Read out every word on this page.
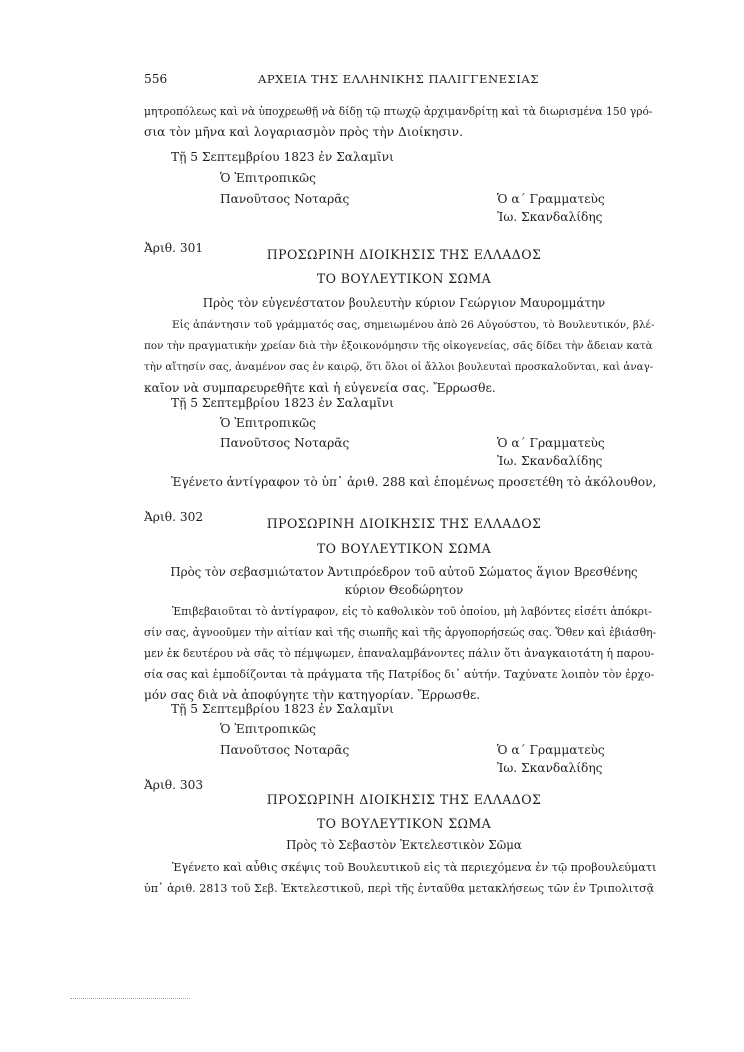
556	ΑΡΧΕΙΑ ΤΗΣ ΕΛΛΗΝΙΚΗΣ ΠΑΛΙΓΓΕΝΕΣΙΑΣ
μητροπόλεως καὶ νὰ ὑποχρεωθῇ νὰ δίδῃ τῷ πτωχῷ ἀρχιμανδρίτῃ καὶ τὰ διωρισμένα 150 γρό-
σια τὸν μῆνα καὶ λογαριασμὸν πρὸς τὴν Διοίκησιν.
Τῇ 5 Σεπτεμβρίου 1823 ἐν Σαλαμῖνι
Ὁ Ἐπιτροπικῶς
Πανοῦτσος Νοταρᾶς	Ὁ α΄ Γραμματεὺς
Ἰω. Σκανδαλίδης
Ἀριθ. 301	ΠΡΟΣΩΡΙΝΗ ΔΙΟΙΚΗΣΙΣ ΤΗΣ ΕΛΛΑΔΟΣ
ΤΟ ΒΟΥΛΕΥΤΙΚΟΝ ΣΩΜΑ
Πρὸς τὸν εὐγενέστατον βουλευτὴν κύριον Γεώργιον Μαυρομμάτην
Εἰς ἀπάντησιν τοῦ γράμματός σας, σημειωμένου ἀπὸ 26 Αὐγούστου, τὸ Βουλευτικόν, βλέ-
πον τὴν πραγματικὴν χρείαν διὰ τὴν ἐξοικονόμησιν τῆς οἰκογενείας, σᾶς δίδει τὴν ἄδειαν κατὰ
τὴν αἴτησίν σας, ἀναμένον σας ἐν καιρῷ, ὅτι ὅλοι οἱ ἄλλοι βουλευταὶ προσκαλοῦνται, καὶ ἀναγ-
καῖον νὰ συμπαρευρεθῆτε καὶ ἡ εὐγενεία σας. Ἔρρωσθε.
Τῇ 5 Σεπτεμβρίου 1823 ἐν Σαλαμῖνι
Ὁ Ἐπιτροπικῶς
Πανοῦτσος Νοταρᾶς	Ὁ α΄ Γραμματεὺς
Ἰω. Σκανδαλίδης
Ἐγένετο ἀντίγραφον τὸ ὑπ᾿ ἀριθ. 288 καὶ ἑπομένως προσετέθη τὸ ἀκόλουθον,
Ἀριθ. 302	ΠΡΟΣΩΡΙΝΗ ΔΙΟΙΚΗΣΙΣ ΤΗΣ ΕΛΛΑΔΟΣ
ΤΟ ΒΟΥΛΕΥΤΙΚΟΝ ΣΩΜΑ
Πρὸς τὸν σεβασμιώτατον Ἀντιπρόεδρον τοῦ αὐτοῦ Σώματος ἅγιον Βρεσθένης
κύριον Θεοδώρητον
Ἐπιβεβαιοῦται τὸ ἀντίγραφον, εἰς τὸ καθολικὸν τοῦ ὁποίου, μὴ λαβόντες εἰσέτι ἀπόκρι-
σίν σας, ἀγνοοῦμεν τὴν αἰτίαν καὶ τῆς σιωπῆς καὶ τῆς ἀργοπορήσεώς σας. Ὅθεν καὶ ἐβιάσθη-
μεν ἐκ δευτέρου νὰ σᾶς τὸ πέμψωμεν, ἐπαναλαμβάνοντες πάλιν ὅτι ἀναγκαιοτάτη ἡ παρου-
σία σας καὶ ἐμποδίζονται τὰ πράγματα τῆς Πατρίδος δι᾿ αὐτήν. Ταχύνατε λοιπὸν τὸν ἐρχο-
μόν σας διὰ νὰ ἀποφύγητε τὴν κατηγορίαν. Ἔρρωσθε.
Τῇ 5 Σεπτεμβρίου 1823 ἐν Σαλαμῖνι
Ὁ Ἐπιτροπικῶς
Πανοῦτσος Νοταρᾶς	Ὁ α΄ Γραμματεὺς
Ἰω. Σκανδαλίδης
Ἀριθ. 303
ΠΡΟΣΩΡΙΝΗ ΔΙΟΙΚΗΣΙΣ ΤΗΣ ΕΛΛΑΔΟΣ
ΤΟ ΒΟΥΛΕΥΤΙΚΟΝ ΣΩΜΑ
Πρὸς τὸ Σεβαστὸν Ἐκτελεστικὸν Σῶμα
Ἐγένετο καὶ αὖθις σκέψις τοῦ Βουλευτικοῦ εἰς τὰ περιεχόμενα ἐν τῷ προβουλεύματι
ὑπ᾿ ἀριθ. 2813 τοῦ Σεβ. Ἐκτελεστικοῦ, περὶ τῆς ἐνταῦθα μετακλήσεως τῶν ἐν Τριπολιτσᾷ
